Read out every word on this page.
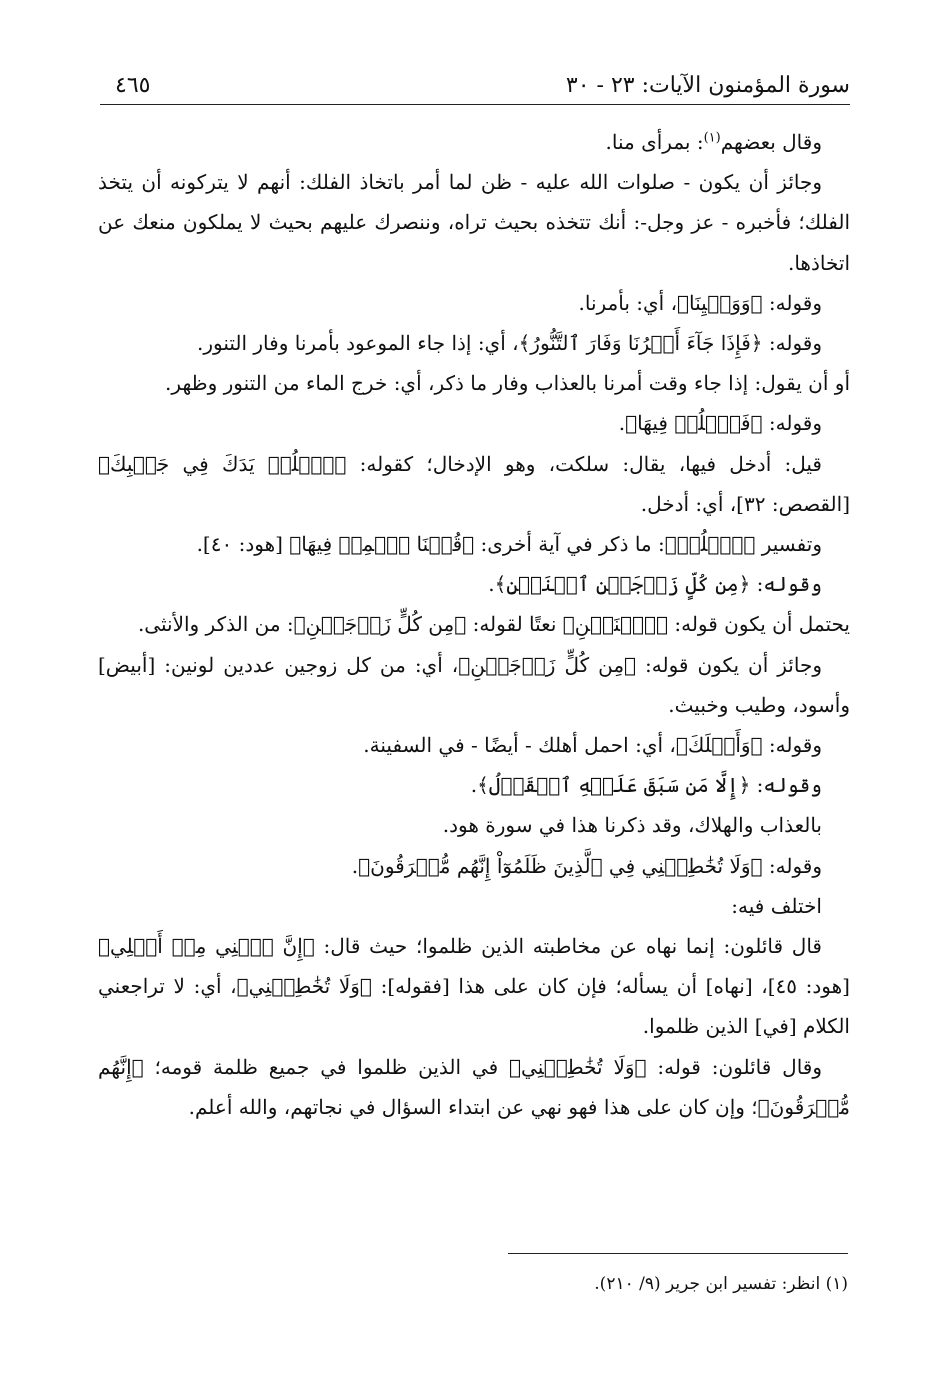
سورة المؤمنون الآيات: ٢٣ - ٣٠
٤٦٥

وقال بعضهم$^{(١)}$: بمرأى منا.

وجائز أن يكون - صلوات الله عليه - ظن لما أمر باتخاذ الفلك: أنهم لا يتركونه أن يتخذ الفلك؛ فأخبره - عز وجل-: أنك تتخذه بحيث تراه، وننصرك عليهم بحيث لا يملكون منعك عن اتخاذها.

وقوله: ﴿وَوَحۡيِنَا﴾، أي: بأمرنا.

وقوله: ﴿فَإِذَا جَآءَ أَمۡرُنَا وَفَارَ ٱلتَّنُّورُ﴾، أي: إذا جاء الموعود بأمرنا وفار التنور.

أو أن يقول: إذا جاء وقت أمرنا بالعذاب وفار ما ذكر، أي: خرج الماء من التنور وظهر.

وقوله: ﴿فَٱسۡلُكۡ فِيهَا﴾.

قيل: أدخل فيها، يقال: سلكت، وهو الإدخال؛ كقوله: ﴿ٱسۡلُكۡ يَدَكَ فِي جَيۡبِكَ﴾ [القصص: ٣٢]، أي: أدخل.

وتفسير ﴿ٱسۡلُكۡ﴾: ما ذكر في آية أخرى: ﴿قُلۡنَا ٱحۡمِلۡ فِيهَا﴾ [هود: ٤٠].

وقوله: ﴿مِن كُلٍّ زَوۡجَيۡنِ ٱثۡنَيۡنِ﴾.

يحتمل أن يكون قوله: ﴿ٱثۡنَيۡنِ﴾ نعتًا لقوله: ﴿مِن كُلٍّ زَوۡجَيۡنِ﴾: من الذكر والأنثى.

وجائز أن يكون قوله: ﴿مِن كُلٍّ زَوۡجَيۡنِ﴾، أي: من كل زوجين عددين لونين: [أبيض] وأسود، وطيب وخبيث.

وقوله: ﴿وَأَهۡلَكَ﴾، أي: احمل أهلك - أيضًا - في السفينة.

وقوله: ﴿إِلَّا مَن سَبَقَ عَلَيۡهِ ٱلۡقَوۡلُ﴾.

بالعذاب والهلاك، وقد ذكرنا هذا في سورة هود.

وقوله: ﴿وَلَا تُخَٰطِبۡنِي فِي ٱلَّذِينَ ظَلَمُوٓاْ إِنَّهُم مُّغۡرَقُونَ﴾.

اختلف فيه:

قال قائلون: إنما نهاه عن مخاطبته الذين ظلموا؛ حيث قال: ﴿إِنَّ ٱبۡنِي مِنۡ أَهۡلِي﴾ [هود: ٤٥]، [نهاه] أن يسأله؛ فإن كان على هذا [فقوله]: ﴿وَلَا تُخَٰطِبۡنِي﴾، أي: لا تراجعني الكلام [في] الذين ظلموا.

وقال قائلون: قوله: ﴿وَلَا تُخَٰطِبۡنِي﴾ في الذين ظلموا في جميع ظلمة قومه؛ ﴿إِنَّهُم مُّغۡرَقُونَ﴾؛ وإن كان على هذا فهو نهي عن ابتداء السؤال في نجاتهم، والله أعلم.

(١) انظر: تفسير ابن جرير (٩/ ٢١٠).
